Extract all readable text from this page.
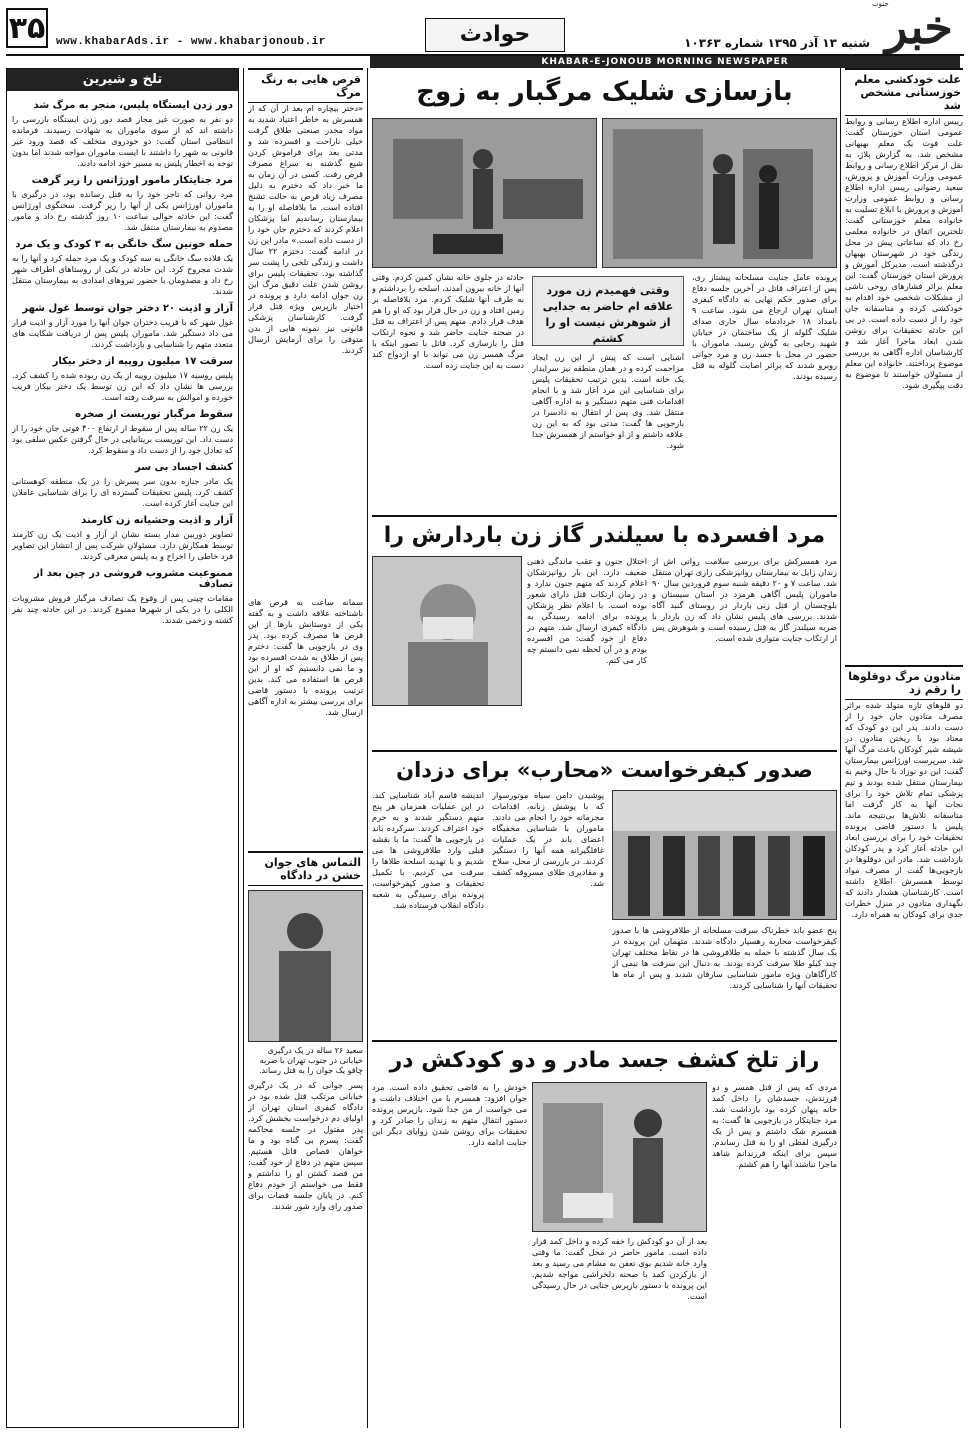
۳۵ www.khabarAds.ir - www.khabarjonoub.ir	حوادث	شنبه ۱۳ آذر ۱۳۹۵ شماره ۱۰۳۶۳ خبر
جنوب
KHABAR-E-JONOUB MORNING NEWSPAPER
علت خودکشی معلم خوزستانی مشخص شد
رییس اداره اطلاع رسانی و روابط عمومی استان خوزستان گفت: علت فوت یک معلم بهبهانی مشخص شد. به گزارش پلاژ، به نقل از مرکز اطلاع رسانی و روابط عمومی وزارت آموزش و پرورش، سعید رضوانی رییس اداره اطلاع رسانی و روابط عمومی وزارت آموزش و پرورش با ابلاغ تسلیت به خانواده معلم خوزستانی گفت: تلخترین اتفاق در خانواده معلمی رخ داد که ساعاتی پیش در محل زندگی خود در شهرستان بهبهان درگذشته است. مدیرکل آموزش و پرورش استان خوزستان گفت: این معلم براثر فشارهای روحی ناشی از مشکلات شخصی خود اقدام به خودکشی کرده و متاسفانه جان خود را از دست داده است. در پی این حادثه تحقیقات برای روشن شدن ابعاد ماجرا آغاز شد و کارشناسان اداره آگاهی به بررسی موضوع پرداختند. خانواده این معلم از مسئولان خواستند تا موضوع به دقت پیگیری شود.
متادون مرگ دوقلوها را رقم زد
دو قلوهای تازه متولد شده براثر مصرف متادون جان خود را از دست دادند. پدر این دو کودک که معتاد بود با ریختن متادون در شیشه شیر کودکان باعث مرگ آنها شد. سرپرست اورژانس بیمارستان گفت: این دو نوزاد با حال وخیم به بیمارستان منتقل شده بودند و تیم پزشکی تمام تلاش خود را برای نجات آنها به کار گرفت اما متاسفانه تلاش‌ها بی‌نتیجه ماند. پلیس با دستور قاضی پرونده تحقیقات خود را برای بررسی ابعاد این حادثه آغاز کرد و پدر کودکان بازداشت شد. مادر این دوقلوها در بازجویی‌ها گفت از مصرف مواد توسط همسرش اطلاع داشته است. کارشناسان هشدار دادند که نگهداری متادون در منزل خطرات جدی برای کودکان به همراه دارد.
بازسازی شلیک مرگبار به زوج
پرونده عامل جنایت مسلحانه پیشتاز ری، پس از اعتراف قاتل در آخرین جلسه دفاع برای صدور حکم نهایی به دادگاه کیفری استان تهران ارجاع می شود. ساعت ۹ بامداد ۱۸ خردادماه سال جاری صدای شلیک گلوله از یک ساختمان در خیابان شهید رجایی به گوش رسید. ماموران با حضور در محل با جسد زن و مرد جوانی روبرو شدند که براثر اصابت گلوله به قتل رسیده بودند.
وقتی فهمیدم زن مورد علاقه ام حاضر به جدایی از شوهرش نیست او را کشتم
آشنایی است که پیش از این زن ایجاد مزاحمت کرده و در همان منطقه نیز سرایدار یک خانه است. بدین ترتیب تحقیقات پلیس برای شناسایی این مرد آغاز شد و با انجام اقدامات فنی متهم دستگیر و به اداره آگاهی منتقل شد. وی پس از انتقال به دادسرا در بازجویی ها گفت: مدتی بود که به این زن علاقه داشتم و از او خواستم از همسرش جدا شود.
حادثه در جلوی خانه نشان کمین کردم. وقتی آنها از خانه بیرون آمدند، اسلحه را برداشتم و به طرف آنها شلیک کردم. مرد بلافاصله بر زمین افتاد و زن در حال فرار بود که او را هم هدف قرار دادم. متهم پس از اعتراف به قتل در صحنه جنایت حاضر شد و نحوه ارتکاب قتل را بازسازی کرد. قاتل با تصور اینکه با مرگ همسر زن می تواند با او ازدواج کند دست به این جنایت زده است.
مرد افسرده با سیلندر گاز زن باردارش را
اختلال جنون و عقب ماندگی ذهنی ضعیف دارد. این بار روانپزشکان اعلام کردند که متهم جنون ندارد و در زمان ارتکاب قتل دارای شعور بوده است. با اعلام نظر پزشکان پرونده برای ادامه رسیدگی به دادگاه کیفری ارسال شد. متهم در دفاع از خود گفت: من افسرده بودم و در آن لحظه نمی دانستم چه کار می کنم.
مرد همسرکش برای بررسی سلامت روانی اش از زندان زایل به بیمارستان روانپزشکی رازی تهران منتقل شد. ساعت ۷ و ۲۰ دقیقه شنبه سوم فروردین سال ۹۰ ماموران پلیس آگاهی هرمزد در استان سیستان و بلوچستان از قتل زنی باردار در روستای گنبد آگاه شدند. بررسی های پلیس نشان داد که زن باردار با ضربه سیلندر گاز به قتل رسیده است و شوهرش پس از ارتکاب جنایت متواری شده است.
صدور کیفرخواست «محارب» برای دزدان
پنج عضو باند خطرناک سرقت مسلحانه از طلافروشی ها با صدور کیفرخواست محاربه رهسپار دادگاه شدند. متهمان این پرونده در یک سال گذشته با حمله به طلافروشی ها در نقاط مختلف تهران چند کیلو طلا سرقت کرده بودند. به دنبال این سرقت ها تیمی از کارآگاهان ویژه مامور شناسایی سارقان شدند و پس از ماه ها تحقیقات آنها را شناسایی کردند.
پوشیدن دامن سیاه موتورسوار که با پوشش زنانه، اقدامات مجرمانه خود را انجام می دادند. ماموران با شناسایی مخفیگاه اعضای باند در یک عملیات غافلگیرانه همه آنها را دستگیر کردند. در بازرسی از محل، سلاح و مقادیری طلای مسروقه کشف شد.
اندیشه قاسم آباد شناسایی کند. در این عملیات همزمان هر پنج متهم دستگیر شدند و به جرم خود اعتراف کردند. سرکرده باند در بازجویی ها گفت: ما با نقشه قبلی وارد طلافروشی ها می شدیم و با تهدید اسلحه طلاها را سرقت می کردیم. با تکمیل تحقیقات و صدور کیفرخواست، پرونده برای رسیدگی به شعبه دادگاه انقلاب فرستاده شد.
راز تلخ کشف جسد مادر و دو کودکش در
مردی که پس از قتل همسر و دو فرزندش، جسدشان را داخل کمد خانه پنهان کرده بود بازداشت شد. مرد جنایتکار در بازجویی ها گفت: به همسرم شک داشتم و پس از یک درگیری لفظی او را به قتل رساندم. سپس برای اینکه فرزندانم شاهد ماجرا نباشند آنها را هم کشتم.
بعد از آن دو کودکش را خفه کرده و داخل کمد قرار داده است. مامور حاضر در محل گفت: ما وقتی وارد خانه شدیم بوی تعفن به مشام می رسید و بعد از بازکردن کمد با صحنه دلخراشی مواجه شدیم. این پرونده با دستور بازپرس جنایی در حال رسیدگی است.
خودش را به قاضی تحقیق داده است. مرد جوان افزود: همسرم با من اختلاف داشت و می خواست از من جدا شود. بازپرس پرونده دستور انتقال متهم به زندان را صادر کرد و تحقیقات برای روشن شدن زوایای دیگر این جنایت ادامه دارد.
قرص هایی به رنگ مرگ
«دختر بیچاره ام بعد از آن که از همسرش به خاطر اعتیاد شدید به مواد مخدر صنعتی طلاق گرفت خیلی ناراحت و افسرده شد و مدتی بعد برای فراموش کردن شیع گذشته به سراغ مصرف قرص رفت. کسی در آن زمان به ما خبر داد که دخترم به دلیل مصرف زیاد قرص به حالت تشنج افتاده است. ما بلافاصله او را به بیمارستان رساندیم اما پزشکان اعلام کردند که دخترم جان خود را از دست داده است.» مادر این زن در ادامه گفت: دخترم ۲۲ سال داشت و زندگی تلخی را پشت سر گذاشته بود. تحقیقات پلیس برای روشن شدن علت دقیق مرگ این زن جوان ادامه دارد و پرونده در اختیار بازپرس ویژه قتل قرار گرفت. کارشناسان پزشکی قانونی نیز نمونه هایی از بدن متوفی را برای آزمایش ارسال کردند.
سمانه ساعت به قرص های ناشناخته علاقه داشت و به گفته یکی از دوستانش بارها از این قرص ها مصرف کرده بود. پدر وی در بازجویی ها گفت: دخترم پس از طلاق به شدت افسرده بود و ما نمی دانستیم که او از این قرص ها استفاده می کند. بدین ترتیب پرونده با دستور قاضی برای بررسی بیشتر به اداره آگاهی ارسال شد.
التماس های جوان خشن در دادگاه
سعید ۲۶ ساله در یک درگیری خیابانی در جنوب تهران با ضربه چاقو یک جوان را به قتل رساند.
پسر جوانی که در یک درگیری خیابانی مرتکب قتل شده بود در دادگاه کیفری استان تهران از اولیای دم درخواست بخشش کرد. پدر مقتول در جلسه محاکمه گفت: پسرم بی گناه بود و ما خواهان قصاص قاتل هستیم. سپس متهم در دفاع از خود گفت: من قصد کشتن او را نداشتم و فقط می خواستم از خودم دفاع کنم. در پایان جلسه قضات برای صدور رای وارد شور شدند.
تلخ و شیرین
دور زدن ایستگاه پلیس، منجر به مرگ شد
دو نفر به صورت غیر مجاز قصد دور زدن ایستگاه بازرسی را داشته اند که از سوی ماموران به شهادت رسیدند. فرمانده انتظامی استان گفت: دو خودروی متخلف که قصد ورود غیر قانونی به شهر را داشتند با ایست ماموران مواجه شدند اما بدون توجه به اخطار پلیس به مسیر خود ادامه دادند.
مرد جنایتکار مامور اورژانس را زیر گرفت
مرد روانی که تاجر خود را به قتل رسانده بود، در درگیری با ماموران اورژانس یکی از آنها را زیر گرفت. سخنگوی اورژانس گفت: این حادثه حوالی ساعت ۱۰ روز گذشته رخ داد و مامور مصدوم به بیمارستان منتقل شد.
حمله خونین سگ خانگی به ۳ کودک و یک مرد
یک قلاده سگ خانگی به سه کودک و یک مرد حمله کرد و آنها را به شدت مجروح کرد. این حادثه در یکی از روستاهای اطراف شهر رخ داد و مصدومان با حضور نیروهای امدادی به بیمارستان منتقل شدند.
آزار و اذیت ۲۰ دختر جوان توسط غول شهر
غول شهر که با فریب دختران جوان آنها را مورد آزار و اذیت قرار می داد دستگیر شد. ماموران پلیس پس از دریافت شکایت های متعدد متهم را شناسایی و بازداشت کردند.
سرقت ۱۷ میلیون روپیه از دختر بیکار
پلیس روسیه ۱۷ میلیون روپیه از یک زن ربوده شده را کشف کرد. بررسی ها نشان داد که این زن توسط یک دختر بیکار فریب خورده و اموالش به سرقت رفته است.
سقوط مرگبار توریست از صخره
یک زن ۲۲ ساله پس از سقوط از ارتفاع ۴۰۰ فوتی جان خود را از دست داد. این توریست بریتانیایی در حال گرفتن عکس سلفی بود که تعادل خود را از دست داد و سقوط کرد.
کشف اجساد بی سر
یک مادر جنازه بدون سر پسرش را در یک منطقه کوهستانی کشف کرد. پلیس تحقیقات گسترده ای را برای شناسایی عاملان این جنایت آغاز کرده است.
آزار و اذیت وحشیانه زن کارمند
تصاویر دوربین مدار بسته نشان از آزار و اذیت یک زن کارمند توسط همکارش دارد. مسئولان شرکت پس از انتشار این تصاویر فرد خاطی را اخراج و به پلیس معرفی کردند.
ممنوعیت مشروب فروشی در چین بعد از تصادف
مقامات چینی پس از وقوع یک تصادف مرگبار فروش مشروبات الکلی را در یکی از شهرها ممنوع کردند. در این حادثه چند نفر کشته و زخمی شدند.
